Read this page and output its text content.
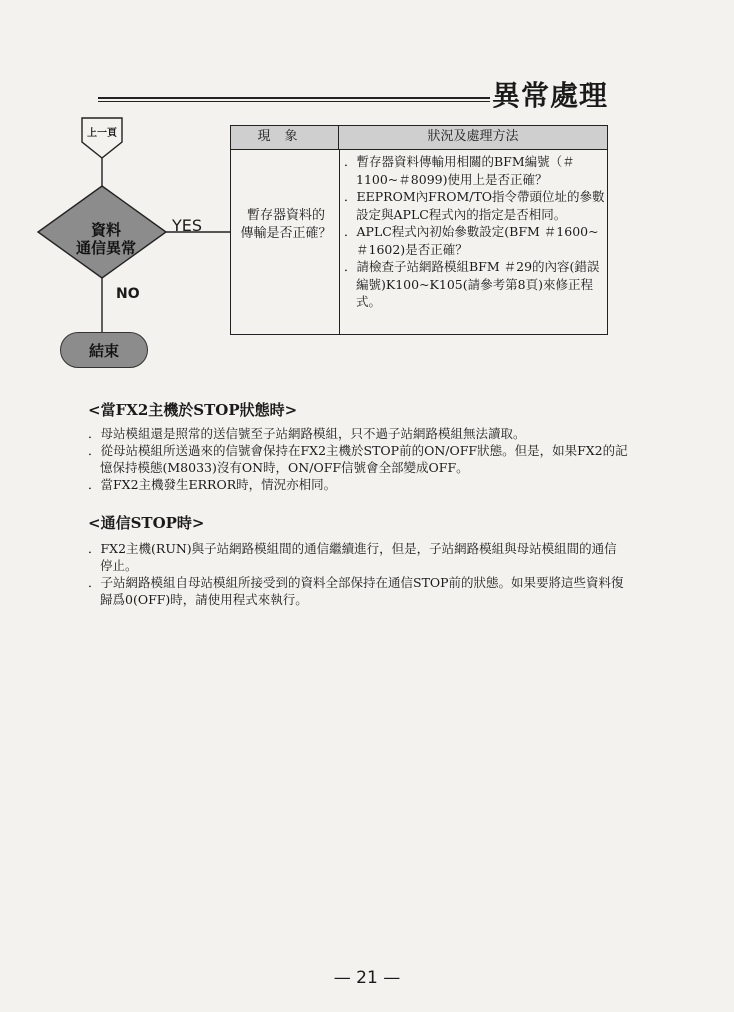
異常處理
上一頁
資料
通信異常
YES
NO
結束
現象	狀況及處理方法
暫存器資料的
傳輸是否正確？
．暫存器資料傳輸用相關的BFM編號（＃1100~＃8099)使用上是否正確？
．EEPROM內FROM/TO指令帶頭位址的參數設定與APLC程式內的指定是否相同。
．APLC程式內初始參數設定(BFM ＃1600~＃1602)是否正確？
．請檢查子站網路模組BFM ＃29的內容(錯誤編號)K100~K105(請參考第8頁)來修正程式。
<當FX2主機於STOP狀態時>
．母站模組還是照常的送信號至子站網路模組，只不過子站網路模組無法讀取。
．從母站模組所送過來的信號會保持在FX2主機於STOP前的ON/OFF狀態。但是，如果FX2的記憶保持模態(M8033)沒有ON時，ON/OFF信號會全部變成OFF。
．當FX2主機發生ERROR時，情況亦相同。
<通信STOP時>
．FX2主機(RUN)與子站網路模組間的通信繼續進行，但是，子站網路模組與母站模組間的通信停止。
．子站網路模組自母站模組所接受到的資料全部保持在通信STOP前的狀態。如果要將這些資料復歸爲0(OFF)時，請使用程式來執行。
— 21 —
